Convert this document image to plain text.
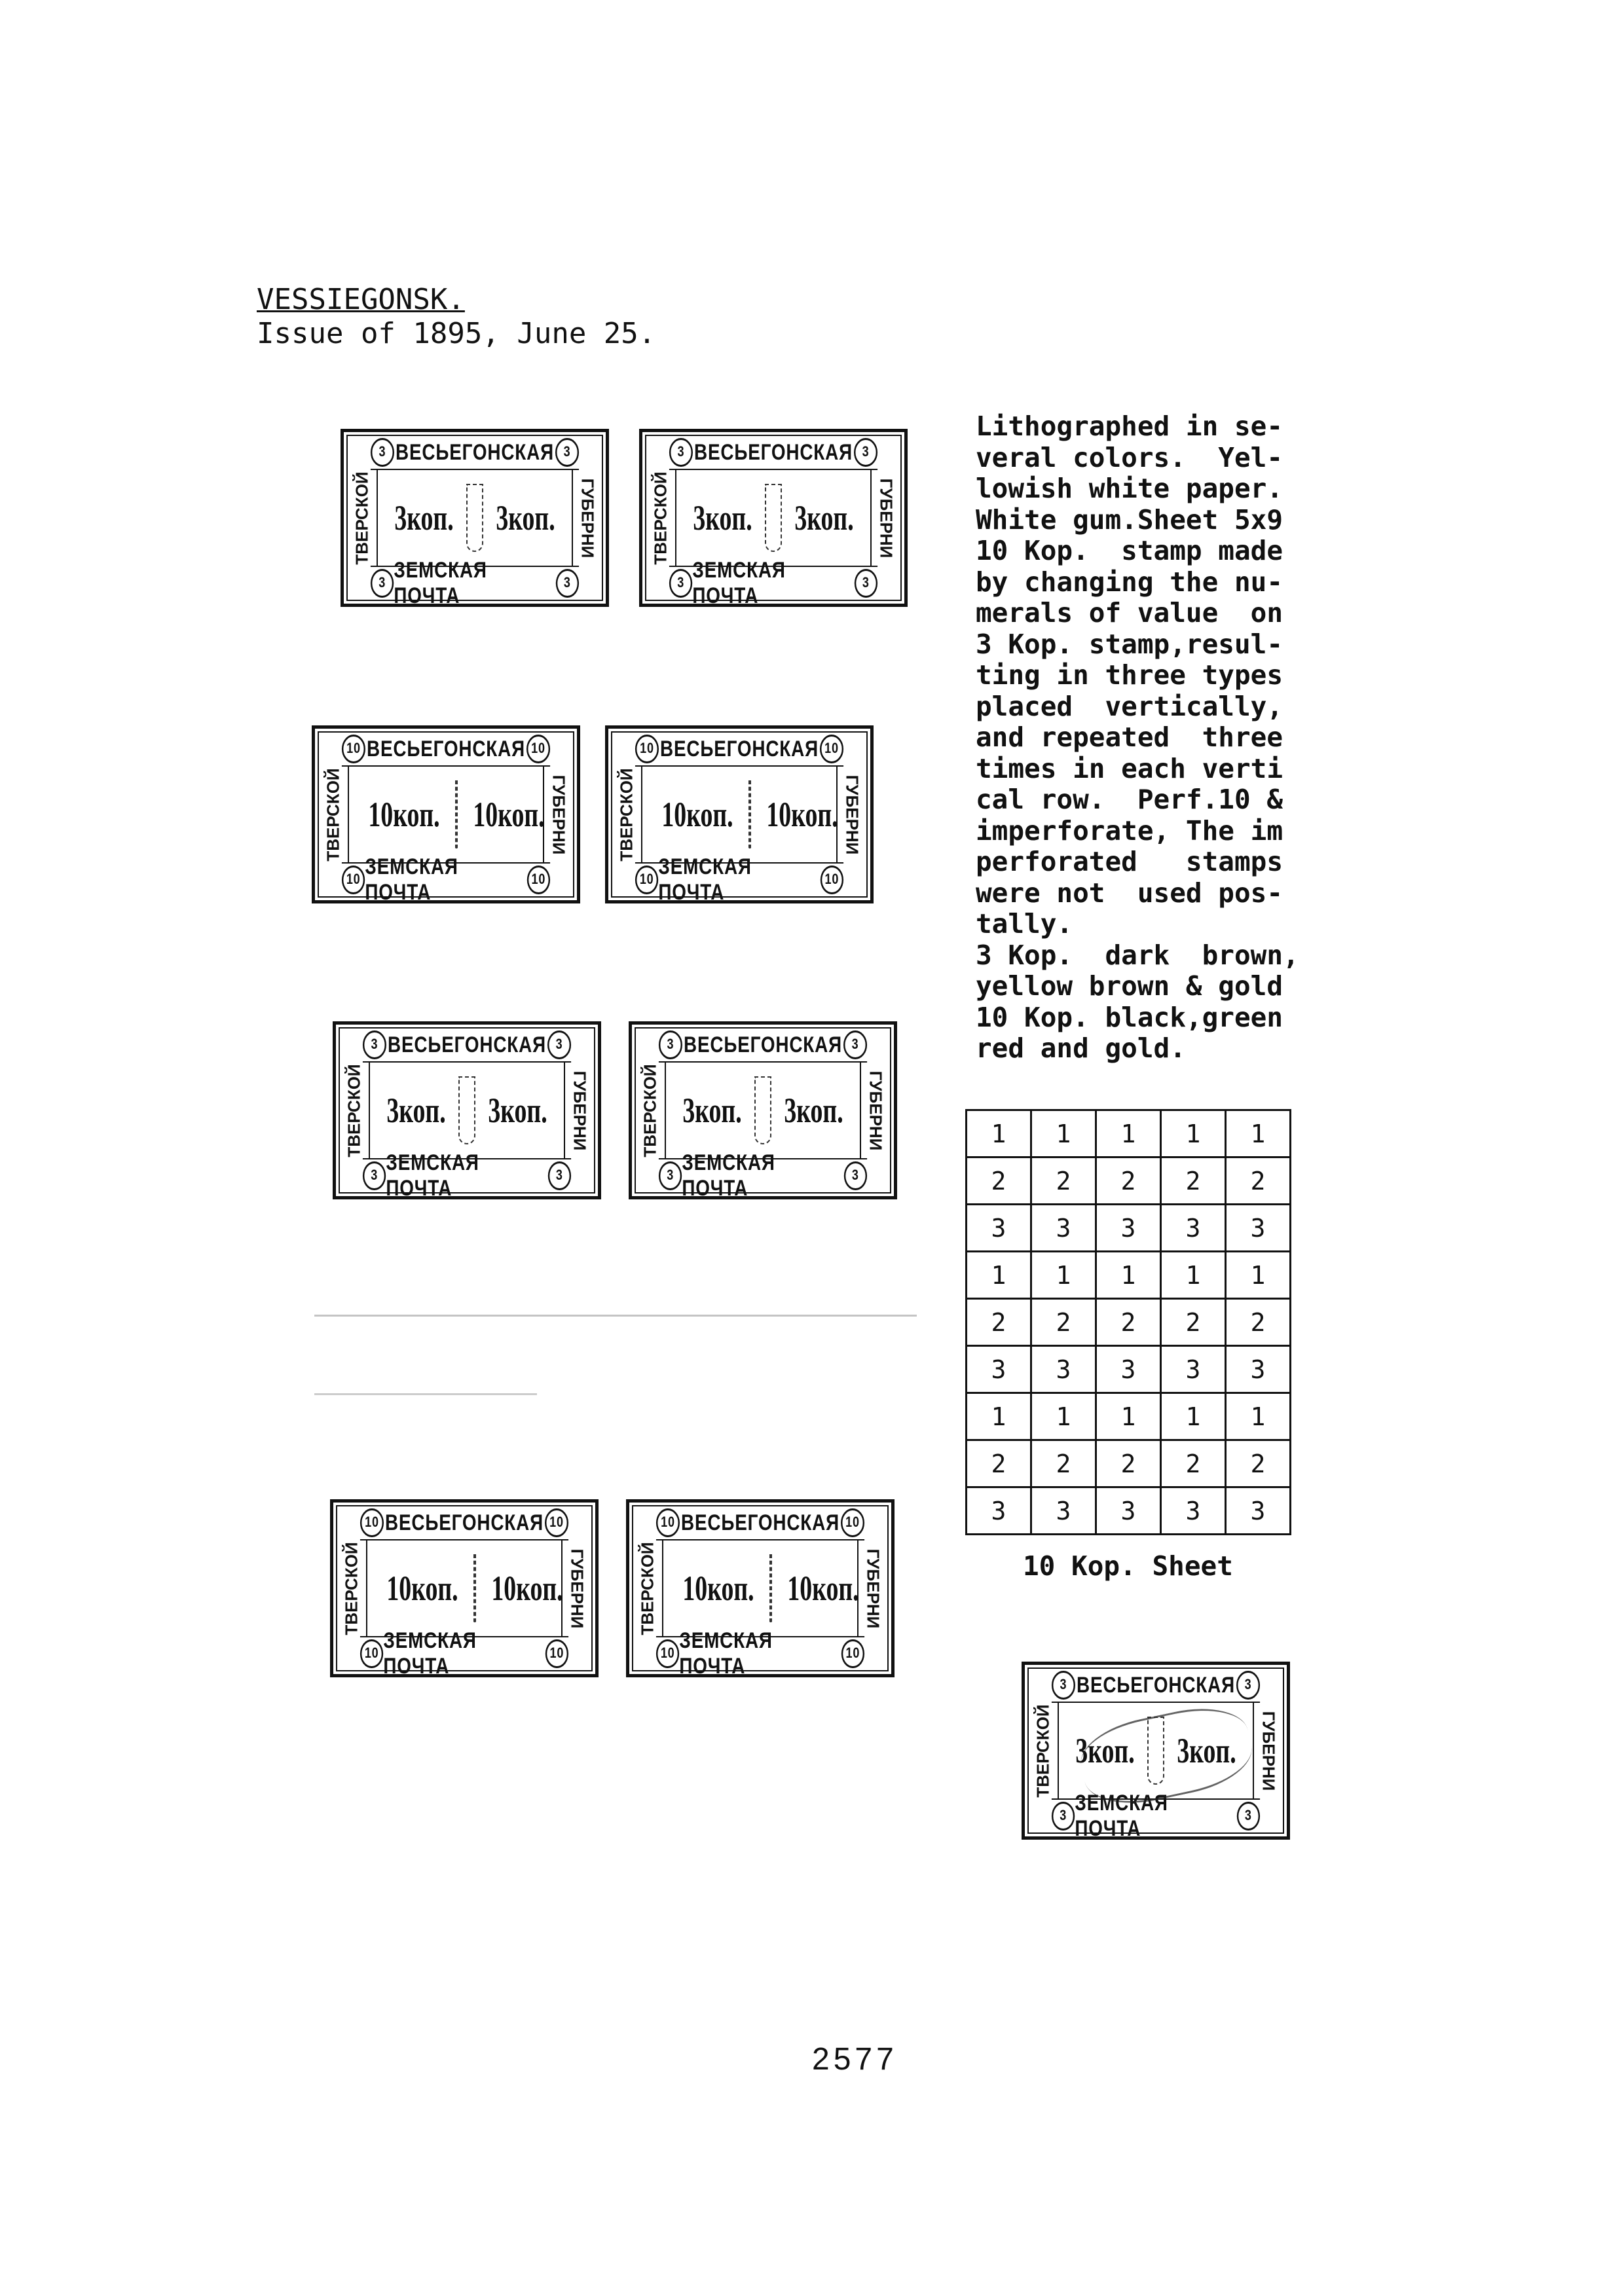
VESSIEGONSK.
Issue of 1895, June 25.
3 ВЕСЬЕГОНСКАЯ 3
ТВЕРСКОЙ	ГУБЕРНИ
3коп. 3коп.
3 ЗЕМСКАЯ ПОЧТА
3
3 ВЕСЬЕГОНСКАЯ 3
ТВЕРСКОЙ	ГУБЕРНИ
3коп. 3коп.
3 ЗЕМСКАЯ ПОЧТА
3
10 ВЕСЬЕГОНСКАЯ 10
ТВЕРСКОЙ	ГУБЕРНИ
10коп. 10коп.
10 ЗЕМСКАЯ ПОЧТА
10
10 ВЕСЬЕГОНСКАЯ 10
ТВЕРСКОЙ	ГУБЕРНИ
10коп. 10коп.
10 ЗЕМСКАЯ ПОЧТА
10
3 ВЕСЬЕГОНСКАЯ 3
ТВЕРСКОЙ	ГУБЕРНИ
3коп. 3коп.
3 ЗЕМСКАЯ ПОЧТА
3
3 ВЕСЬЕГОНСКАЯ 3
ТВЕРСКОЙ	ГУБЕРНИ
3коп. 3коп.
3 ЗЕМСКАЯ ПОЧТА
3
10 ВЕСЬЕГОНСКАЯ 10
ТВЕРСКОЙ	ГУБЕРНИ
10коп. 10коп.
10 ЗЕМСКАЯ ПОЧТА
10
10 ВЕСЬЕГОНСКАЯ 10
ТВЕРСКОЙ	ГУБЕРНИ
10коп. 10коп.
10 ЗЕМСКАЯ ПОЧТА
10
3 ВЕСЬЕГОНСКАЯ 3
ТВЕРСКОЙ	ГУБЕРНИ
3коп. 3коп.
3 ЗЕМСКАЯ ПОЧТА
3
Lithographed in se-
veral colors.  Yel-
lowish white paper.
White gum.Sheet 5x9
10 Kop.  stamp made
by changing the nu-
merals of value  on
3 Kop. stamp,resul-
ting in three types
placed  vertically,
and repeated  three
times in each verti
cal row.  Perf.10 &
imperforate, The im
perforated   stamps
were not  used pos-
tally.
3 Kop.  dark  brown,
yellow brown & gold
10 Kop. black,green
red and gold.
1	1	1	1	1
2	2	2	2	2
3	3	3	3	3
1	1	1	1	1
2	2	2	2	2
3	3	3	3	3
1	1	1	1	1
2	2	2	2	2
3	3	3	3	3
10 Kop. Sheet
2577
